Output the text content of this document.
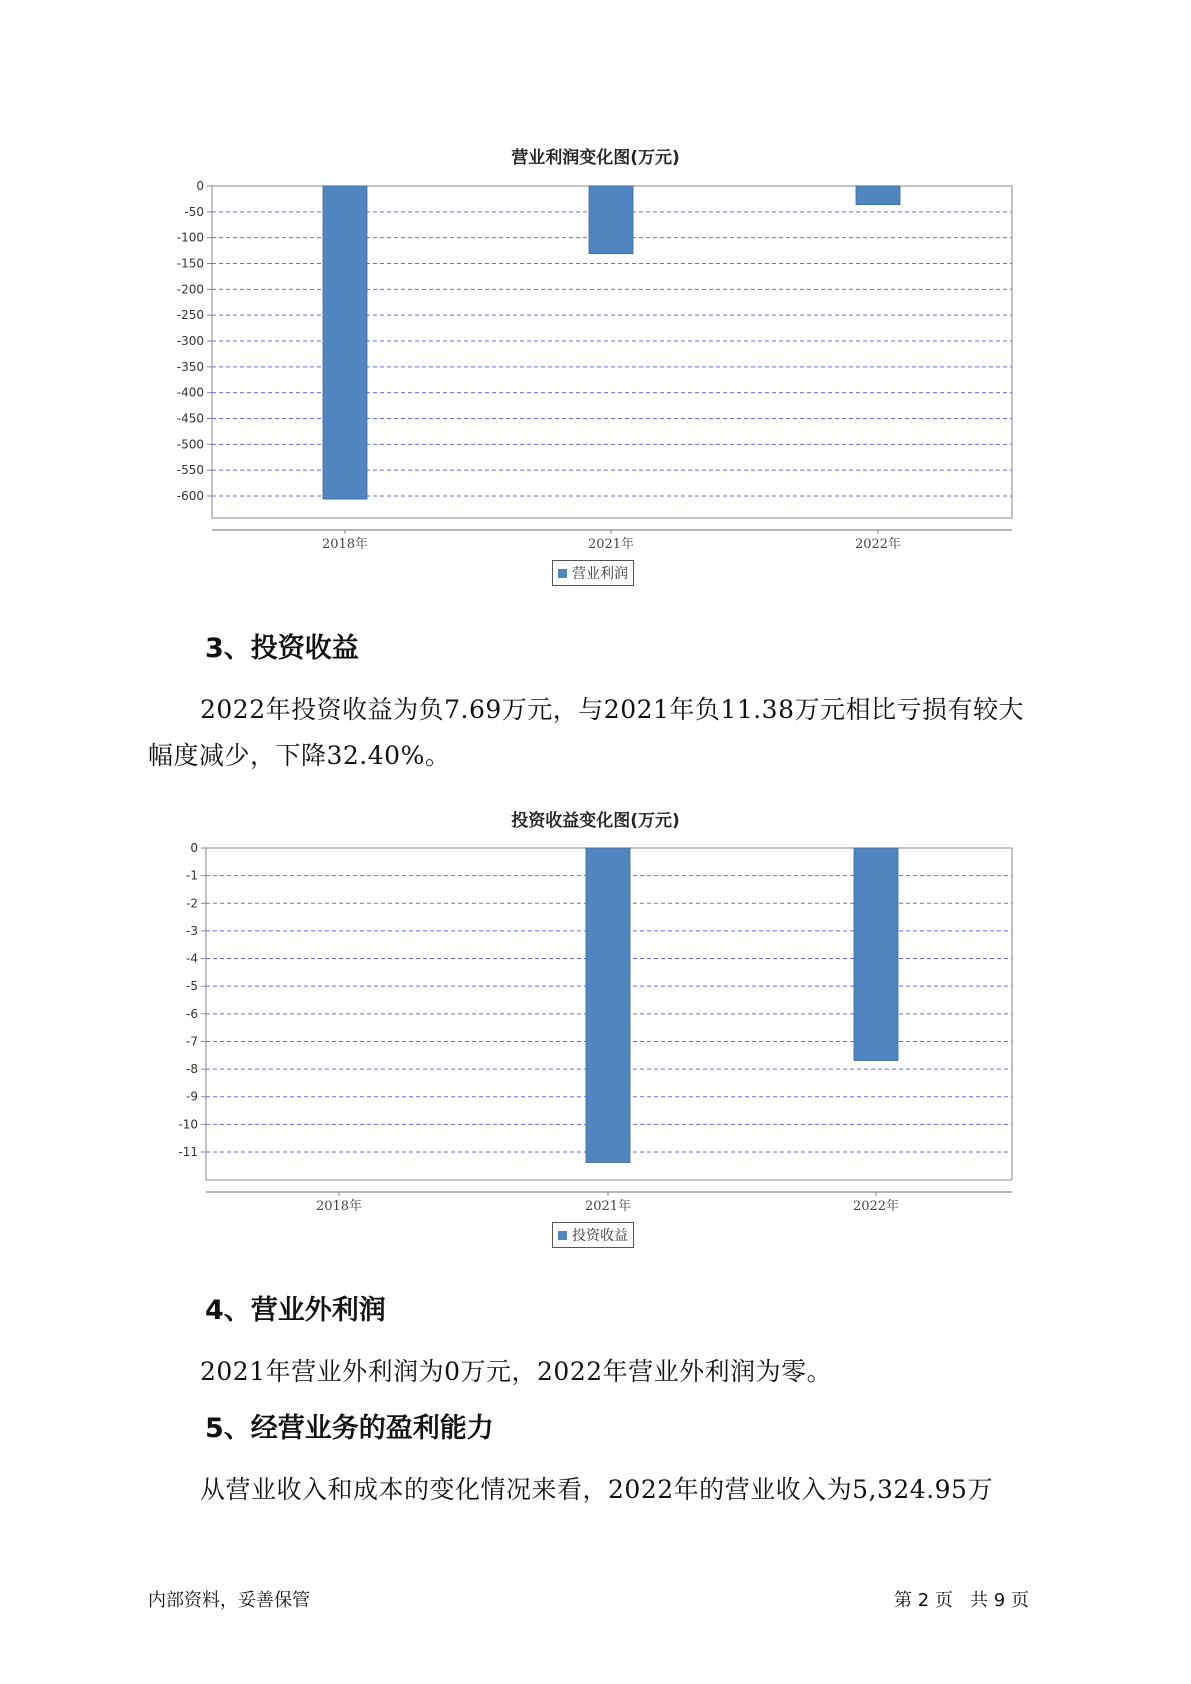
营业利润变化图(万元)
0
-50
-100
-150
-200
-250
-300
-350
-400
-450
-500
-550
-600
2018年	2021年	2022年
营业利润
3、投资收益
2022年投资收益为负7.69万元，与2021年负11.38万元相比亏损有较大
幅度减少，下降32.40%。
投资收益变化图(万元)
0
-1
-2
-3
-4
-5
-6
-7
-8
-9
-10
-11
2018年	2021年	2022年
投资收益
4、营业外利润
2021年营业外利润为0万元，2022年营业外利润为零。
5、经营业务的盈利能力
从营业收入和成本的变化情况来看，2022年的营业收入为5,324.95万
内部资料，妥善保管	第 2 页   共 9 页
